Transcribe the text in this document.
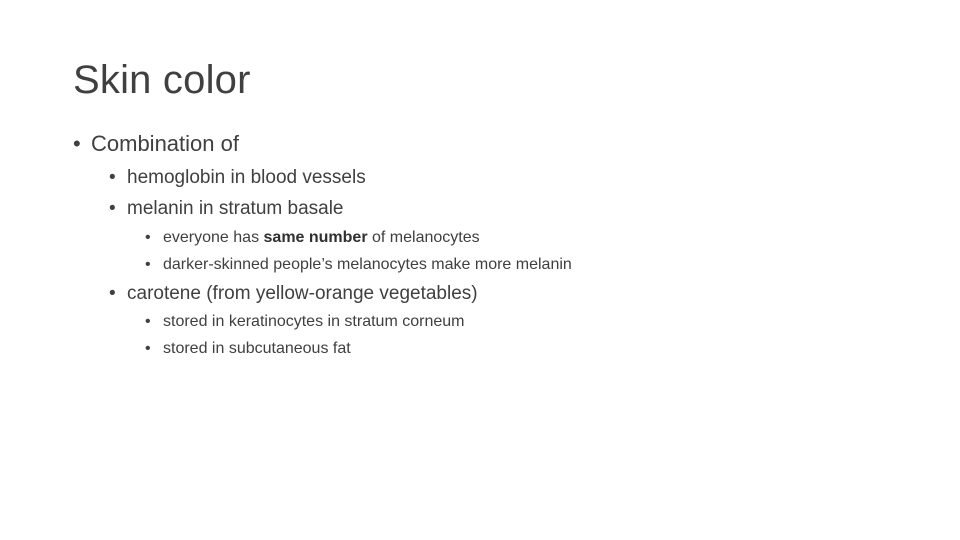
Skin color
• Combination of
• hemoglobin in blood vessels
• melanin in stratum basale
• everyone has same number of melanocytes
• darker-skinned people’s melanocytes make more melanin
• carotene (from yellow-orange vegetables)
• stored in keratinocytes in stratum corneum
• stored in subcutaneous fat
